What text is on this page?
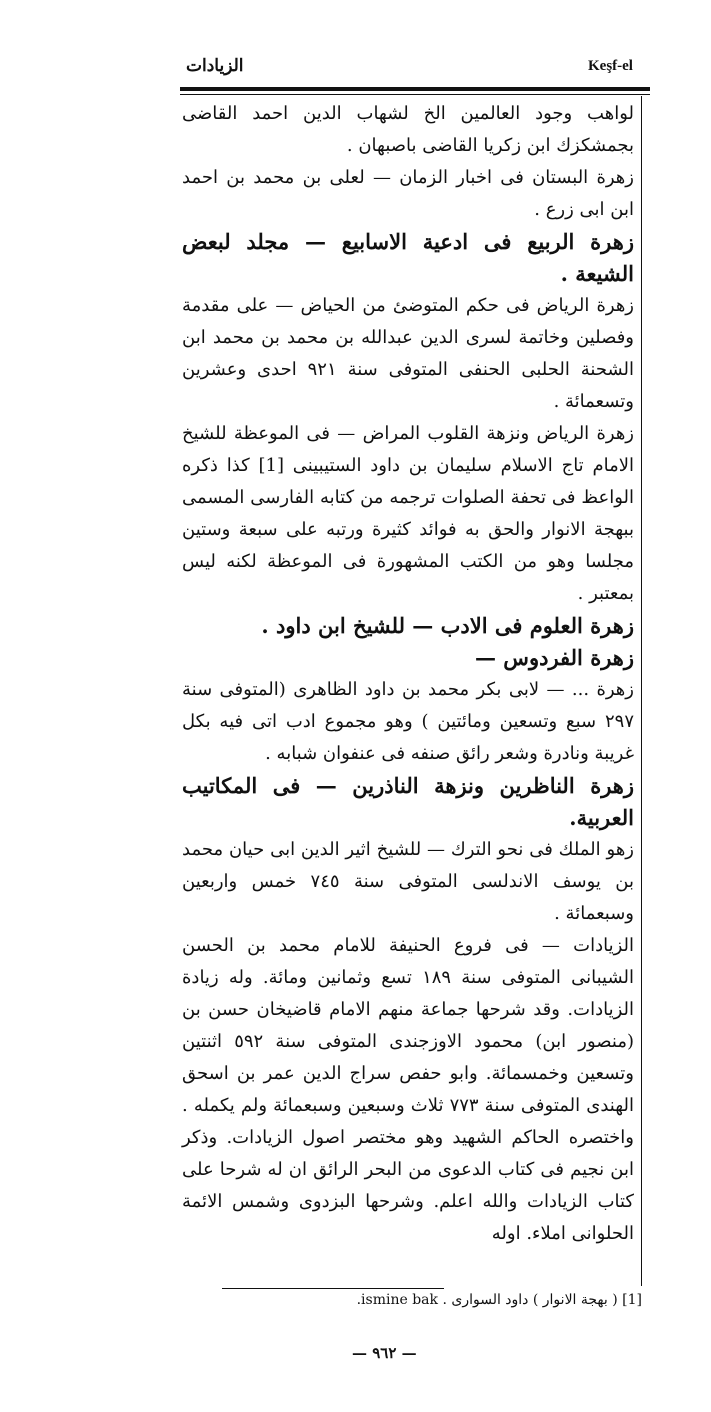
Keşf-el
الزيادات

لواهب وجود العالمين الخ لشهاب الدين احمد القاضى بجمشكزك ابن زكريا القاضى باصبهان .

زهرة البستان فى اخبار الزمان — لعلى بن محمد بن احمد ابن ابى زرع .

زهرة الربيع فى ادعية الاسابيع — مجلد لبعض الشيعة .

زهرة الرياض فى حكم المتوضئ من الحياض — على مقدمة وفصلين وخاتمة لسرى الدين عبدالله بن محمد بن محمد ابن الشحنة الحلبى الحنفى المتوفى سنة ٩٢١ احدى وعشرين وتسعمائة .

زهرة الرياض ونزهة القلوب المراض — فى الموعظة للشيخ الامام تاج الاسلام سليمان بن داود الستيبينى [1] كذا ذكره الواعظ فى تحفة الصلوات ترجمه من كتابه الفارسى المسمى ببهجة الانوار والحق به فوائد كثيرة ورتبه على سبعة وستين مجلسا وهو من الكتب المشهورة فى الموعظة لكنه ليس بمعتبر .

زهرة العلوم فى الادب — للشيخ ابن داود .

زهرة الفردوس —

زهرة ... — لابى بكر محمد بن داود الظاهرى (المتوفى سنة ٢٩٧ سبع وتسعين ومائتين ) وهو مجموع ادب اتى فيه بكل غريبة ونادرة وشعر رائق صنفه فى عنفوان شبابه .

زهرة الناظرين ونزهة الناذرين — فى المكاتيب العربية.

زهو الملك فى نحو الترك — للشيخ اثير الدين ابى حيان محمد بن يوسف الاندلسى المتوفى سنة ٧٤٥ خمس واربعين وسبعمائة .

الزيادات — فى فروع الحنيفة للامام محمد بن الحسن الشيبانى المتوفى سنة ١٨٩ تسع وثمانين ومائة. وله زيادة الزيادات. وقد شرحها جماعة منهم الامام قاضيخان حسن بن (منصور ابن) محمود الاوزجندى المتوفى سنة ٥٩٢ اثنتين وتسعين وخمسمائة. وابو حفص سراج الدين عمر بن اسحق الهندى المتوفى سنة ٧٧٣ ثلاث وسبعين وسبعمائة ولم يكمله . واختصره الحاكم الشهيد وهو مختصر اصول الزيادات. وذكر ابن نجيم فى كتاب الدعوى من البحر الرائق ان له شرحا على كتاب الزيادات والله اعلم. وشرحها البزدوى وشمس الائمة الحلوانى املاء. اوله

[1] ( بهجة الانوار ) داود السوارى . ismine bak.
— ٩٦٢ —
